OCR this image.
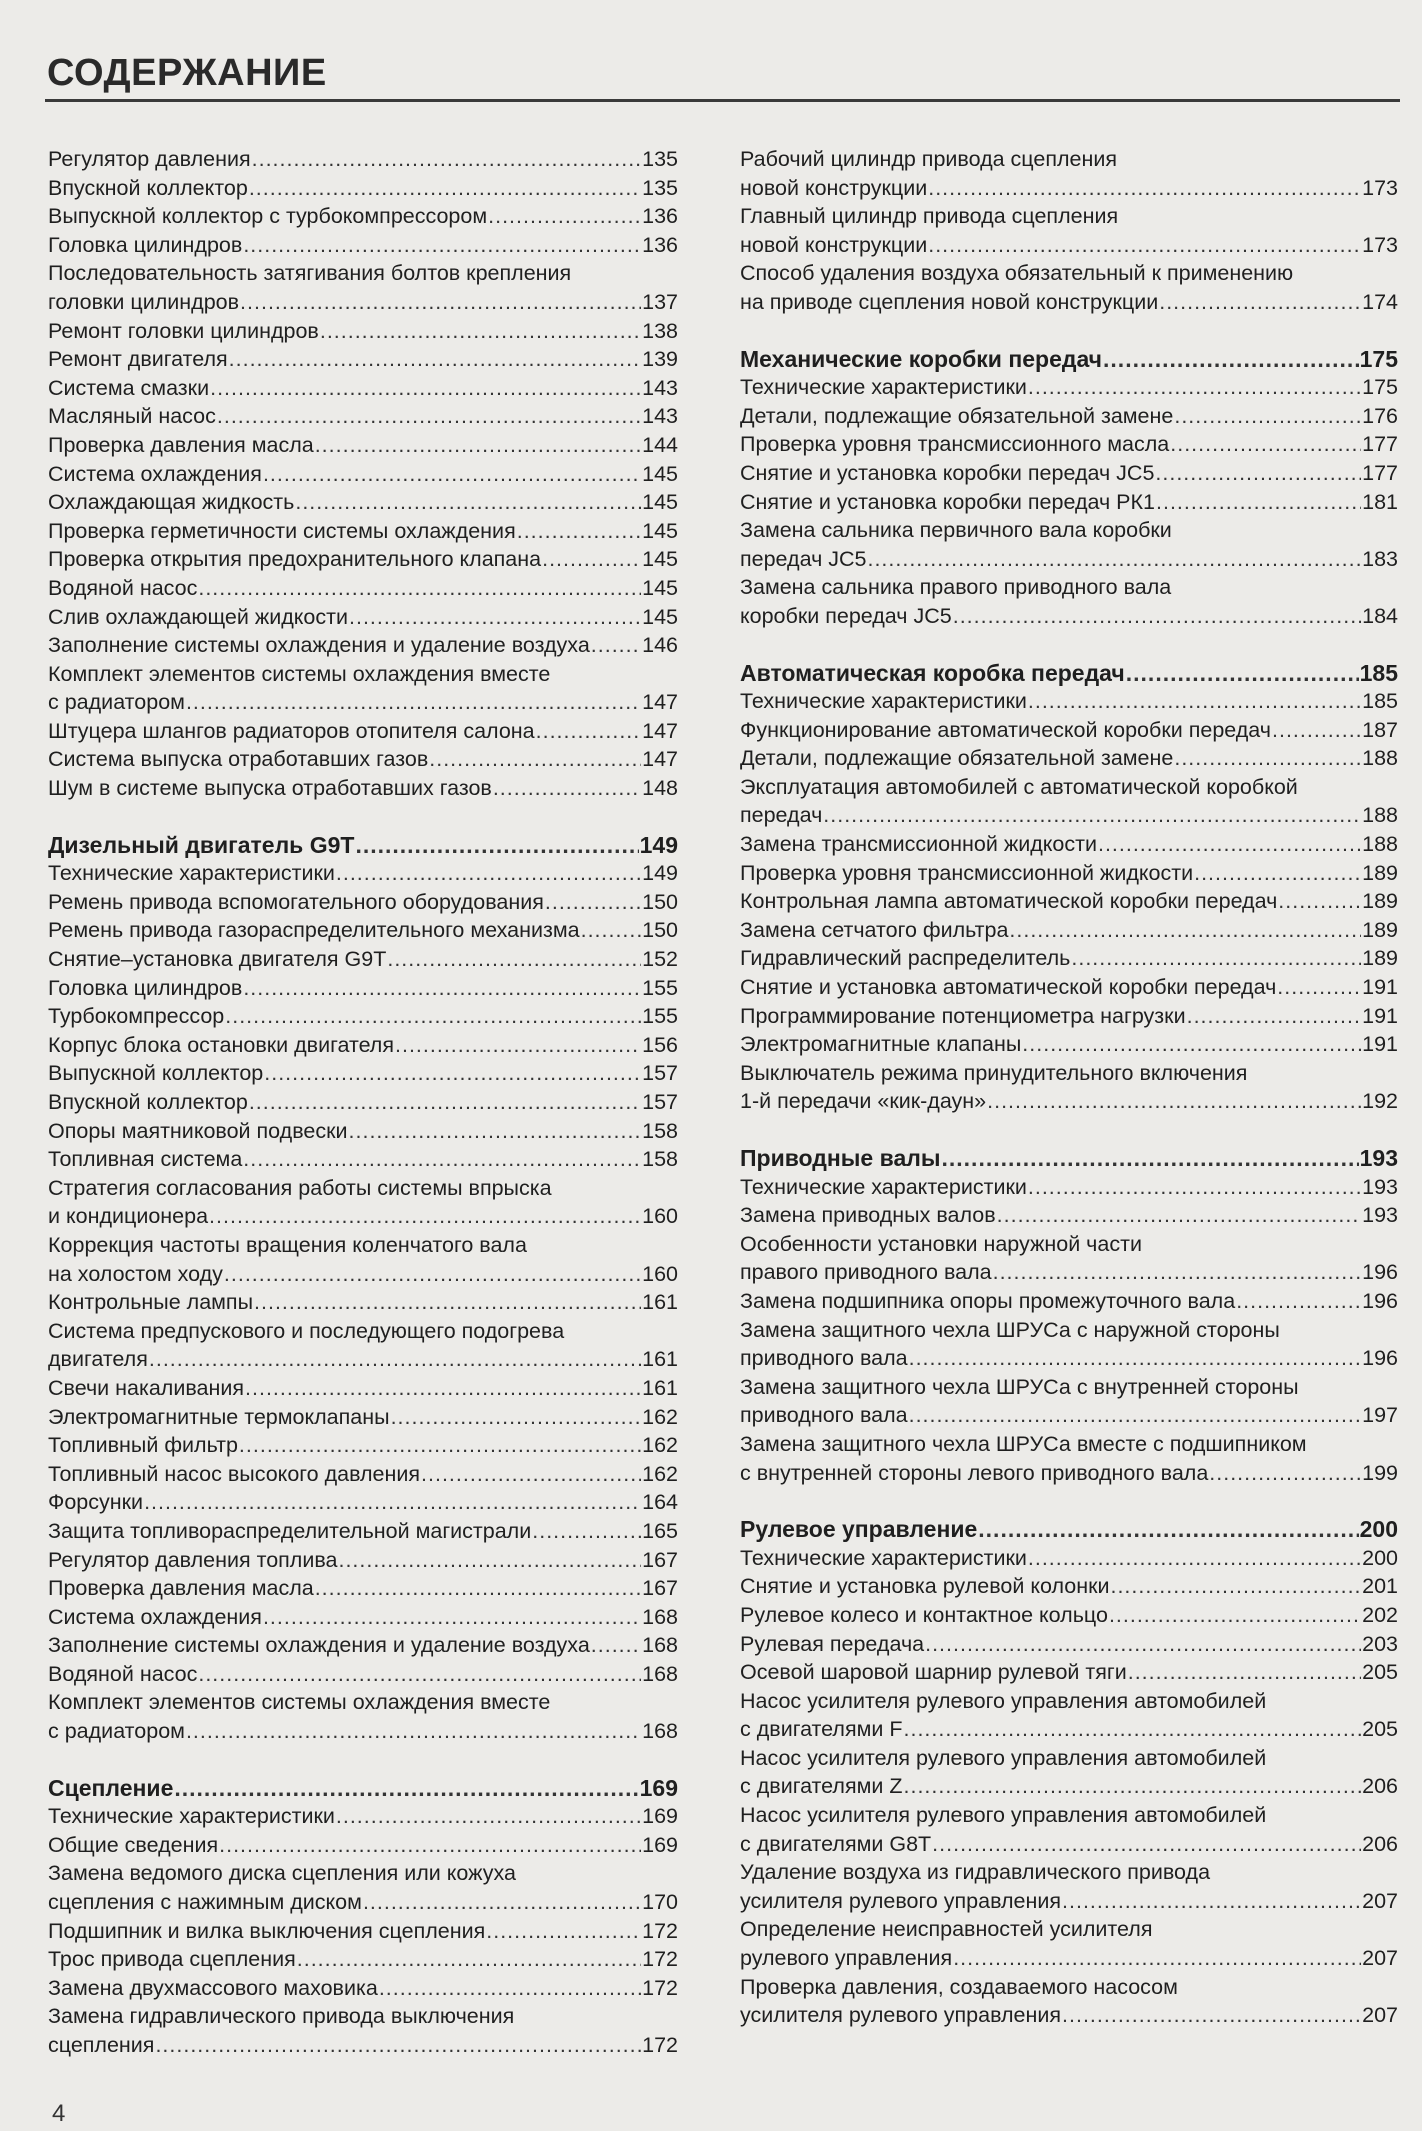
СОДЕРЖАНИЕ
Регулятор давления .....	135
Впускной коллектор .....	135
Выпускной коллектор с турбокомпрессором .....	136
Головка цилиндров .....	136
Последовательность затягивания болтов крепления
головки цилиндров .....	137
Ремонт головки цилиндров .....	138
Ремонт двигателя .....	139
Система смазки .....	143
Масляный насос .....	143
Проверка давления масла .....	144
Система охлаждения .....	145
Охлаждающая жидкость .....	145
Проверка герметичности системы охлаждения .....	145
Проверка открытия предохранительного клапана .....	145
Водяной насос .....	145
Слив охлаждающей жидкости .....	145
Заполнение системы охлаждения и удаление воздуха ..... 146
Комплект элементов системы охлаждения вместе
с радиатором .....	147
Штуцера шлангов радиаторов отопителя салона .....	147
Система выпуска отработавших газов .....	147
Шум в системе выпуска отработавших газов .....	148
Дизельный двигатель G9T .....	149
Технические характеристики .....	149
Ремень привода вспомогательного оборудования .....	150
Ремень привода газораспределительного механизма .....	150
Снятие–установка двигателя G9T .....	152
Головка цилиндров .....	155
Турбокомпрессор .....	155
Корпус блока остановки двигателя .....	156
Выпускной коллектор .....	157
Впускной коллектор .....	157
Опоры маятниковой подвески .....	158
Топливная система .....	158
Стратегия согласования работы системы впрыска
и кондиционера .....	160
Коррекция частоты вращения коленчатого вала
на холостом ходу .....	160
Контрольные лампы .....	161
Система предпускового и последующего подогрева
двигателя .....	161
Свечи накаливания .....	161
Электромагнитные термоклапаны .....	162
Топливный фильтр .....	162
Топливный насос высокого давления .....	162
Форсунки .....	164
Защита топливораспределительной магистрали .....	165
Регулятор давления топлива .....	167
Проверка давления масла .....	167
Система охлаждения .....	168
Заполнение системы охлаждения и удаление воздуха ..... 168
Водяной насос .....	168
Комплект элементов системы охлаждения вместе
с радиатором .....	168
Сцепление .....	169
Технические характеристики .....	169
Общие сведения .....	169
Замена ведомого диска сцепления или кожуха
сцепления с нажимным диском .....	170
Подшипник и вилка выключения сцепления .....	172
Трос привода сцепления .....	172
Замена двухмассового маховика .....	172
Замена гидравлического привода выключения
сцепления .....	172
Рабочий цилиндр привода сцепления
новой конструкции .....	173
Главный цилиндр привода сцепления
новой конструкции .....	173
Способ удаления воздуха обязательный к применению
на приводе сцепления новой конструкции .....	174
Механические коробки передач .....	175
Технические характеристики .....	175
Детали, подлежащие обязательной замене .....	176
Проверка уровня трансмиссионного масла .....	177
Снятие и установка коробки передач JC5 .....	177
Снятие и установка коробки передач РК1 .....	181
Замена сальника первичного вала коробки
передач JC5 .....	183
Замена сальника правого приводного вала
коробки передач JC5 .....	184
Автоматическая коробка передач .....	185
Технические характеристики .....	185
Функционирование автоматической коробки передач .....	187
Детали, подлежащие обязательной замене .....	188
Эксплуатация автомобилей с автоматической коробкой
передач .....	188
Замена трансмиссионной жидкости .....	188
Проверка уровня трансмиссионной жидкости .....	189
Контрольная лампа автоматической коробки передач .....	189
Замена сетчатого фильтра .....	189
Гидравлический распределитель .....	189
Снятие и установка автоматической коробки передач .....	191
Программирование потенциометра нагрузки .....	191
Электромагнитные клапаны .....	191
Выключатель режима принудительного включения
1-й передачи «кик-даун» .....	192
Приводные валы .....	193
Технические характеристики .....	193
Замена приводных валов .....	193
Особенности установки наружной части
правого приводного вала .....	196
Замена подшипника опоры промежуточного вала .....	196
Замена защитного чехла ШРУСа с наружной стороны
приводного вала .....	196
Замена защитного чехла ШРУСа с внутренней стороны
приводного вала .....	197
Замена защитного чехла ШРУСа вместе с подшипником
с внутренней стороны левого приводного вала .....	199
Рулевое управление .....	200
Технические характеристики .....	200
Снятие и установка рулевой колонки .....	201
Рулевое колесо и контактное кольцо .....	202
Рулевая передача .....	203
Осевой шаровой шарнир рулевой тяги .....	205
Насос усилителя рулевого управления автомобилей
с двигателями F .....	205
Насос усилителя рулевого управления автомобилей
с двигателями Z .....	206
Насос усилителя рулевого управления автомобилей
с двигателями G8T .....	206
Удаление воздуха из гидравлического привода
усилителя рулевого управления .....	207
Определение неисправностей усилителя
рулевого управления .....	207
Проверка давления, создаваемого насосом
усилителя рулевого управления .....	207
4
